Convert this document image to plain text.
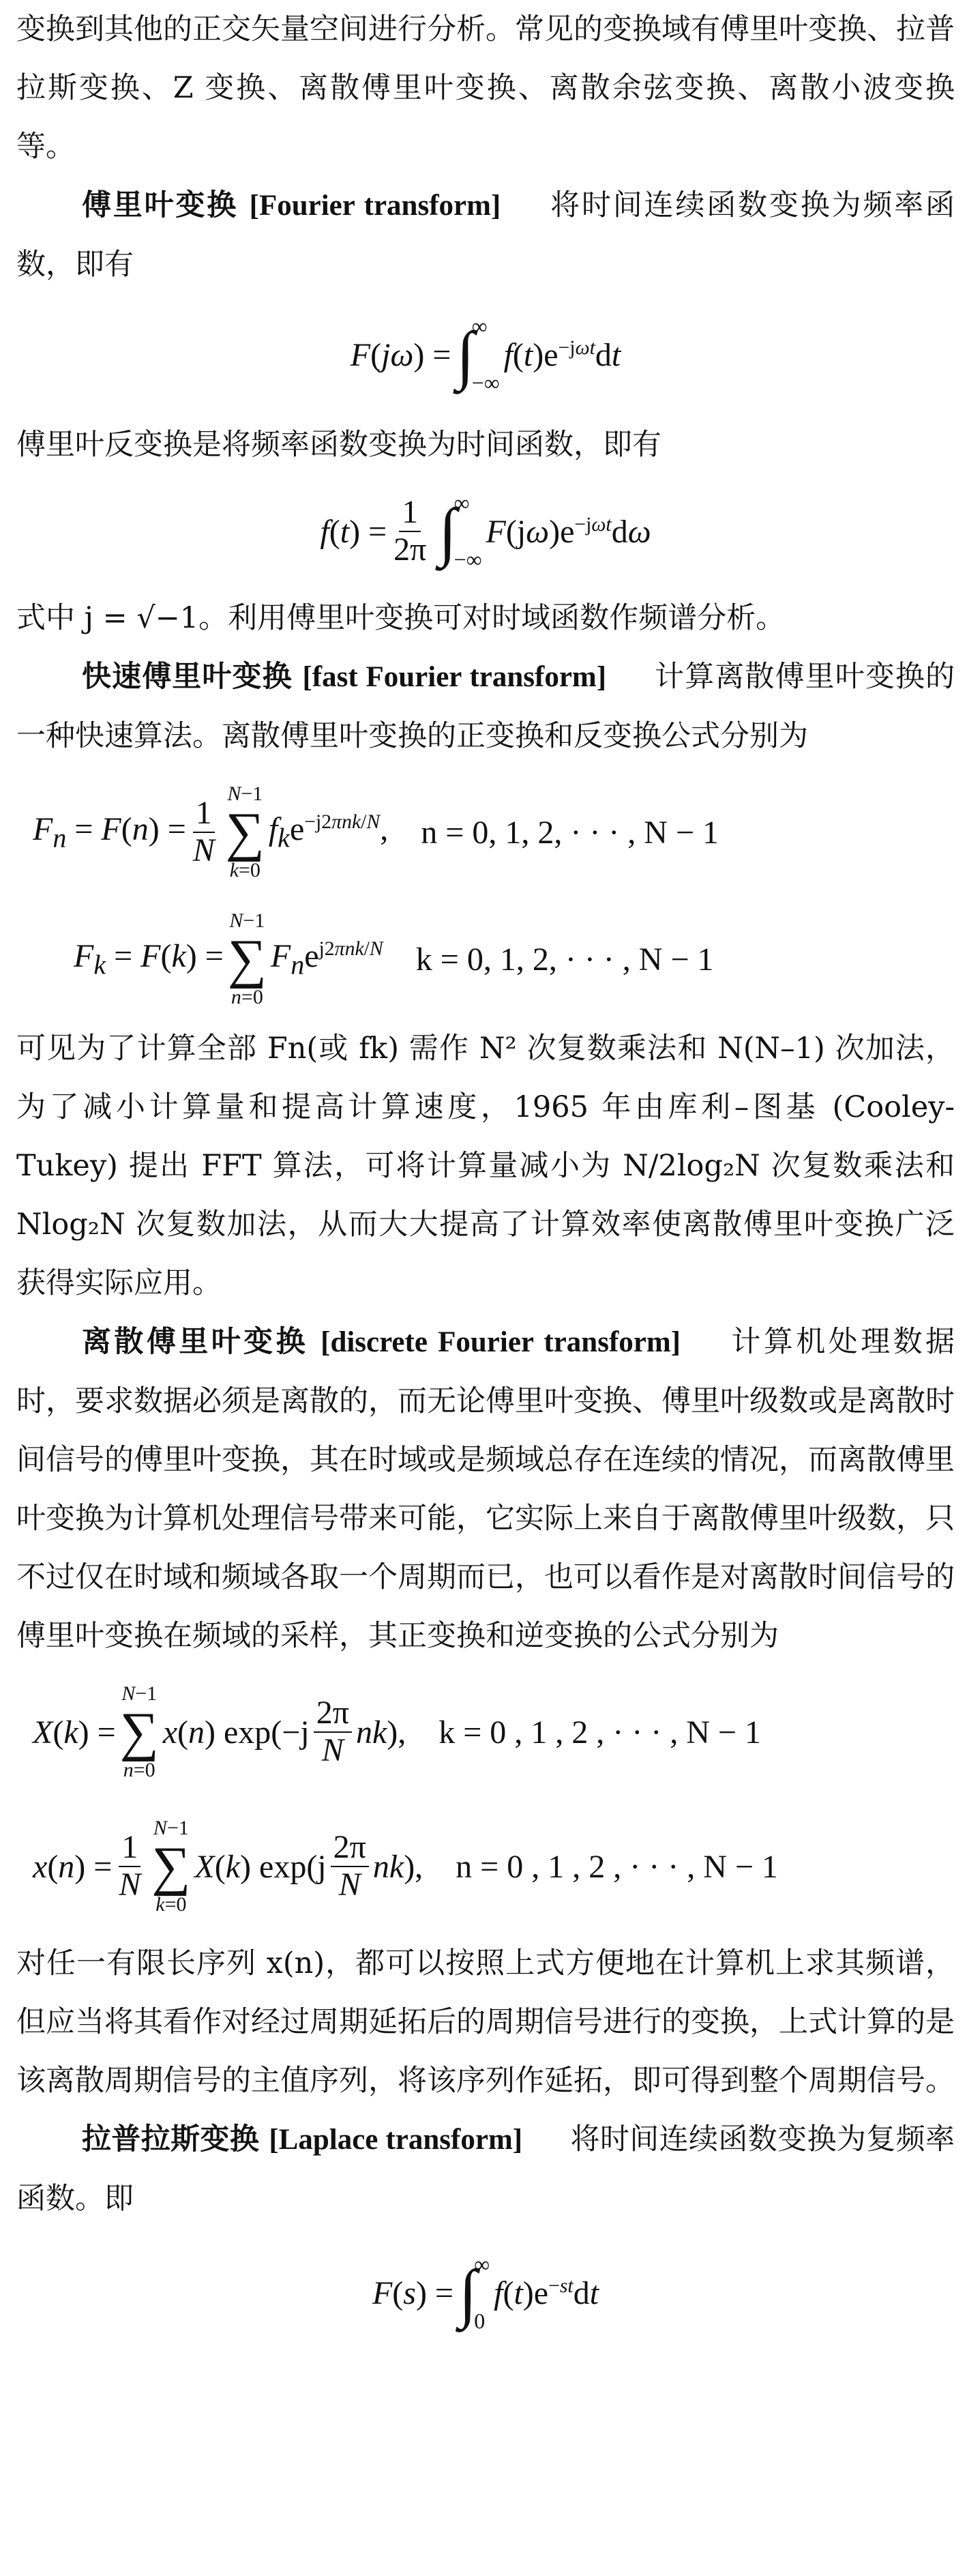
变换到其他的正交矢量空间进行分析。常见的变换域有傅里叶变换、拉普拉斯变换、Z 变换、离散傅里叶变换、离散余弦变换、离散小波变换等。

傅里叶变换 [Fourier transform] 将时间连续函数变换为频率函数，即有

F(jω) = ∫
∞
−∞
$f(t)e^{-j\omega t}dt$

傅里叶反变换是将频率函数变换为时间函数，即有

$f(t) = \frac{1}{2\pi}$ ∫
∞
−∞
$F(j\omega)e^{-j\omega t}d\omega$

式中 j = √−1。利用傅里叶变换可对时域函数作频谱分析。

快速傅里叶变换 [fast Fourier transform] 计算离散傅里叶变换的一种快速算法。离散傅里叶变换的正变换和反变换公式分别为

$F_n = F(n) = \frac{1}{N}$
N−1
∑
k=0
$f_ke^{-j2\pi nk/N}$, n = 0, 1, 2, · · · , N − 1
$F_k = F(k)$ =
N−1
∑
n=0
$F_ne^{j2\pi nk/N}$ k = 0, 1, 2, · · · , N − 1

可见为了计算全部 Fn(或 fk) 需作 N² 次复数乘法和 N(N–1) 次加法，为了减小计算量和提高计算速度，1965 年由库利–图基 (Cooley-Tukey) 提出 FFT 算法，可将计算量减小为 N/2log₂N 次复数乘法和 Nlog₂N 次复数加法，从而大大提高了计算效率使离散傅里叶变换广泛获得实际应用。

离散傅里叶变换 [discrete Fourier transform] 计算机处理数据时，要求数据必须是离散的，而无论傅里叶变换、傅里叶级数或是离散时间信号的傅里叶变换，其在时域或是频域总存在连续的情况，而离散傅里叶变换为计算机处理信号带来可能，它实际上来自于离散傅里叶级数，只不过仅在时域和频域各取一个周期而已，也可以看作是对离散时间信号的傅里叶变换在频域的采样，其正变换和逆变换的公式分别为

X(k) =
N−1
∑
n=0
x(n) $\exp(-j \frac{2\pi}{N} nk)$, k = 0 , 1 , 2 , · · · , N − 1
$x(n) = \frac{1}{N}$
N−1
∑
k=0
X(k) $\exp(j \frac{2\pi}{N} nk)$, n = 0 , 1 , 2 , · · · , N − 1

对任一有限长序列 x(n)，都可以按照上式方便地在计算机上求其频谱，但应当将其看作对经过周期延拓后的周期信号进行的变换，上式计算的是该离散周期信号的主值序列，将该序列作延拓，即可得到整个周期信号。

拉普拉斯变换 [Laplace transform] 将时间连续函数变换为复频率函数。即

F(s) = ∫
∞
0
$f(t)e^{-st}dt$
